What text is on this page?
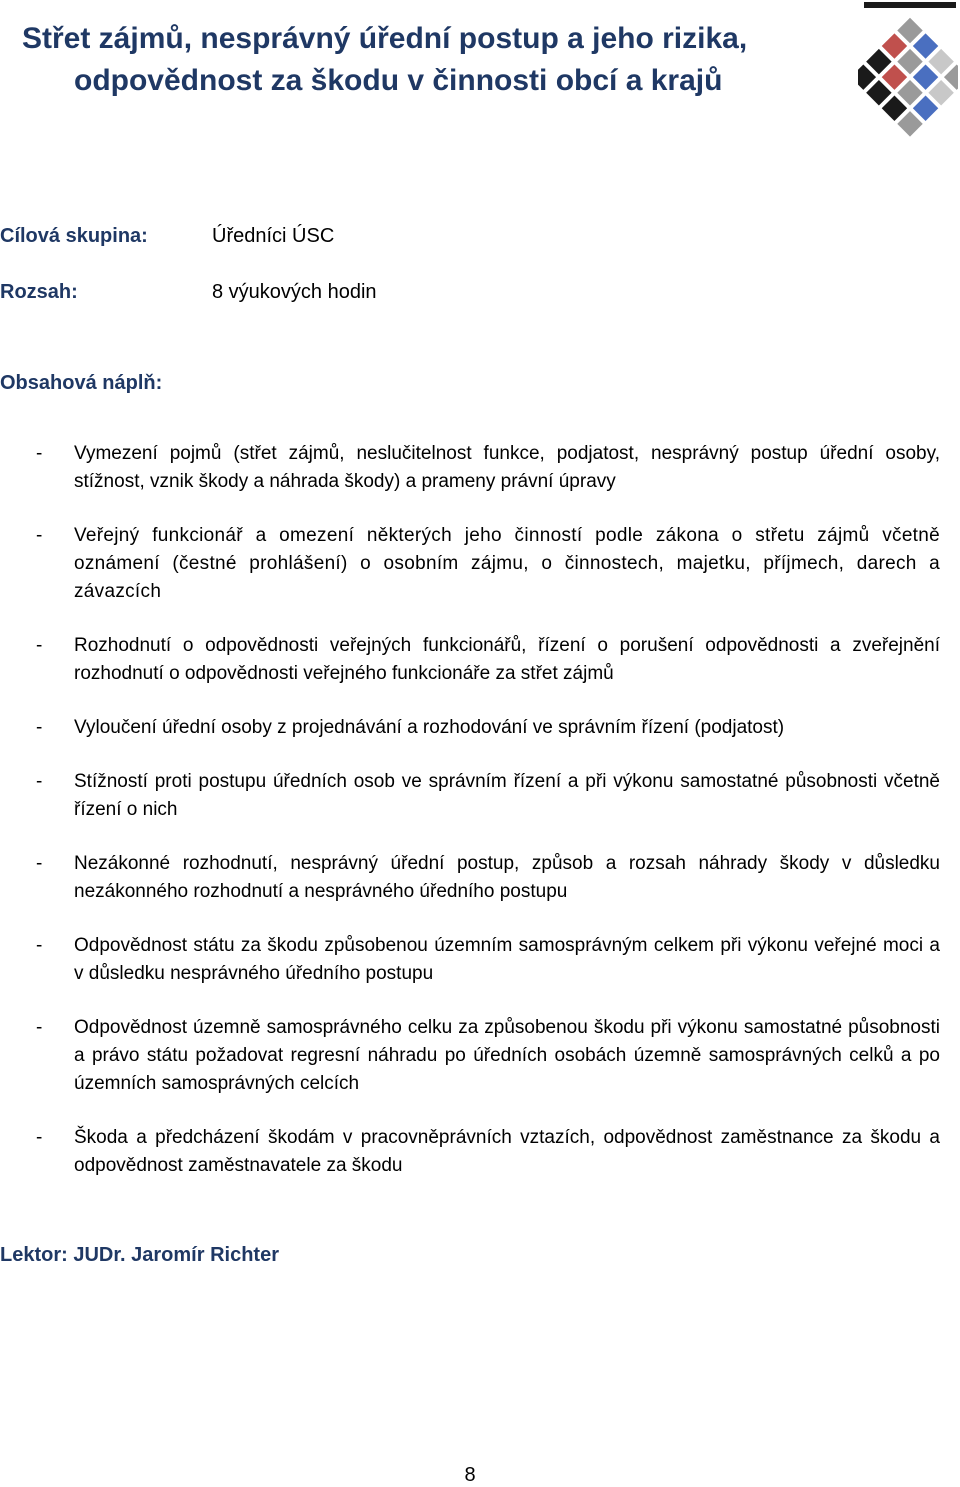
Střet zájmů, nesprávný úřední postup a jeho rizika,
odpovědnost za škodu v činnosti obcí a krajů
Cílová skupina:	Úředníci ÚSC
Rozsah:	8 výukových hodin
Obsahová náplň:
- Vymezení pojmů (střet zájmů, neslučitelnost funkce, podjatost, nesprávný postup úřední osoby, stížnost, vznik škody a náhrada škody) a prameny právní úpravy
- Veřejný funkcionář a omezení některých jeho činností podle zákona o střetu zájmů včetně oznámení (čestné prohlášení) o osobním zájmu, o činnostech, majetku, příjmech, darech a závazcích
- Rozhodnutí o odpovědnosti veřejných funkcionářů, řízení o porušení odpovědnosti a zveřejnění rozhodnutí o odpovědnosti veřejného funkcionáře za střet zájmů
- Vyloučení úřední osoby z projednávání a rozhodování ve správním řízení (podjatost)
- Stížností proti postupu úředních osob ve správním řízení a při výkonu samostatné působnosti včetně řízení o nich
- Nezákonné rozhodnutí, nesprávný úřední postup, způsob a rozsah náhrady škody v důsledku nezákonného rozhodnutí a nesprávného úředního postupu
- Odpovědnost státu za škodu způsobenou územním samosprávným celkem při výkonu veřejné moci a v důsledku nesprávného úředního postupu
- Odpovědnost územně samosprávného celku za způsobenou škodu při výkonu samostatné působnosti a právo státu požadovat regresní náhradu po úředních osobách územně samosprávných celků a po územních samosprávných celcích
- Škoda a předcházení škodám v pracovněprávních vztazích, odpovědnost zaměstnance za škodu a odpovědnost zaměstnavatele za škodu
Lektor: JUDr. Jaromír Richter
8
